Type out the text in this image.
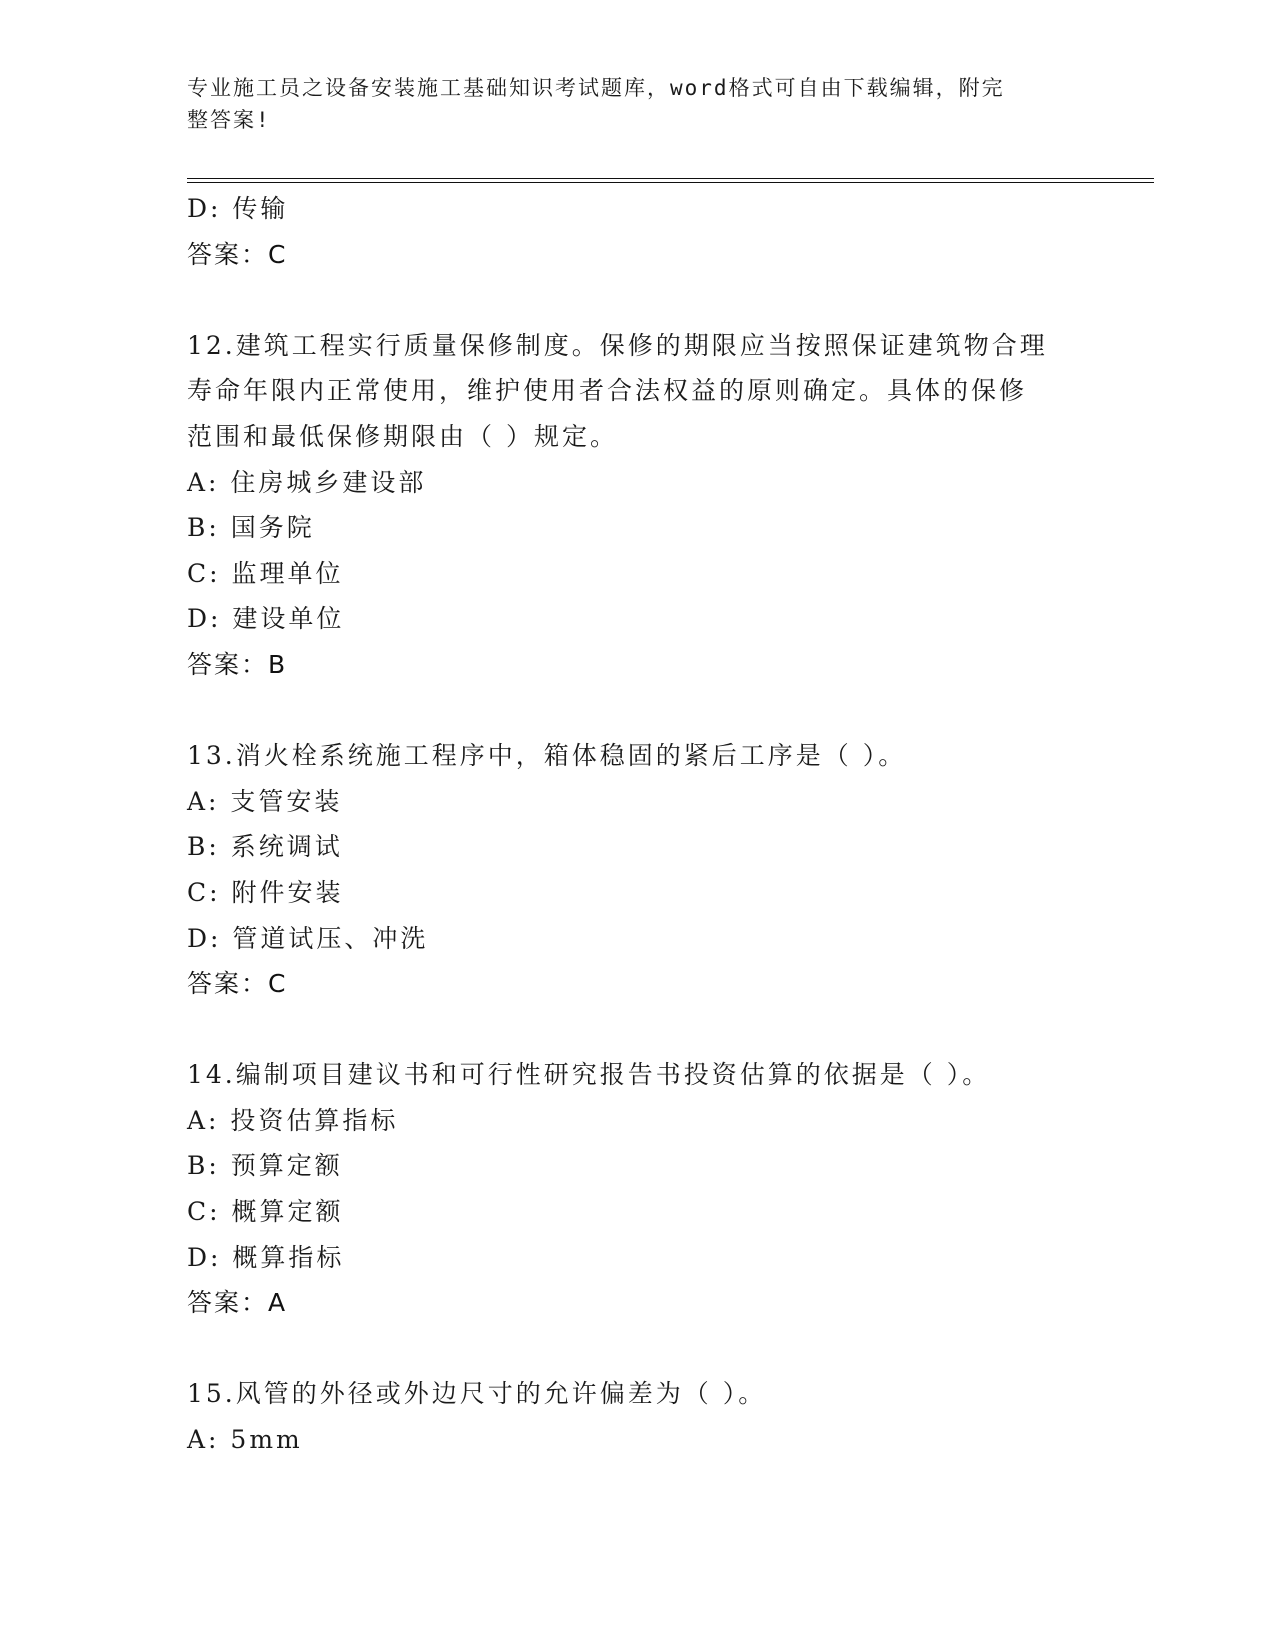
专业施工员之设备安装施工基础知识考试题库，word格式可自由下载编辑，附完
整答案!
D: 传输
答案：C
12.建筑工程实行质量保修制度。保修的期限应当按照保证建筑物合理
寿命年限内正常使用，维护使用者合法权益的原则确定。具体的保修
范围和最低保修期限由（ ）规定。
A: 住房城乡建设部
B: 国务院
C: 监理单位
D: 建设单位
答案：B
13.消火栓系统施工程序中，箱体稳固的紧后工序是（ ）。
A: 支管安装
B: 系统调试
C: 附件安装
D: 管道试压、冲洗
答案：C
14.编制项目建议书和可行性研究报告书投资估算的依据是（ ）。
A: 投资估算指标
B: 预算定额
C: 概算定额
D: 概算指标
答案：A
15.风管的外径或外边尺寸的允许偏差为（ ）。
A: 5mm
